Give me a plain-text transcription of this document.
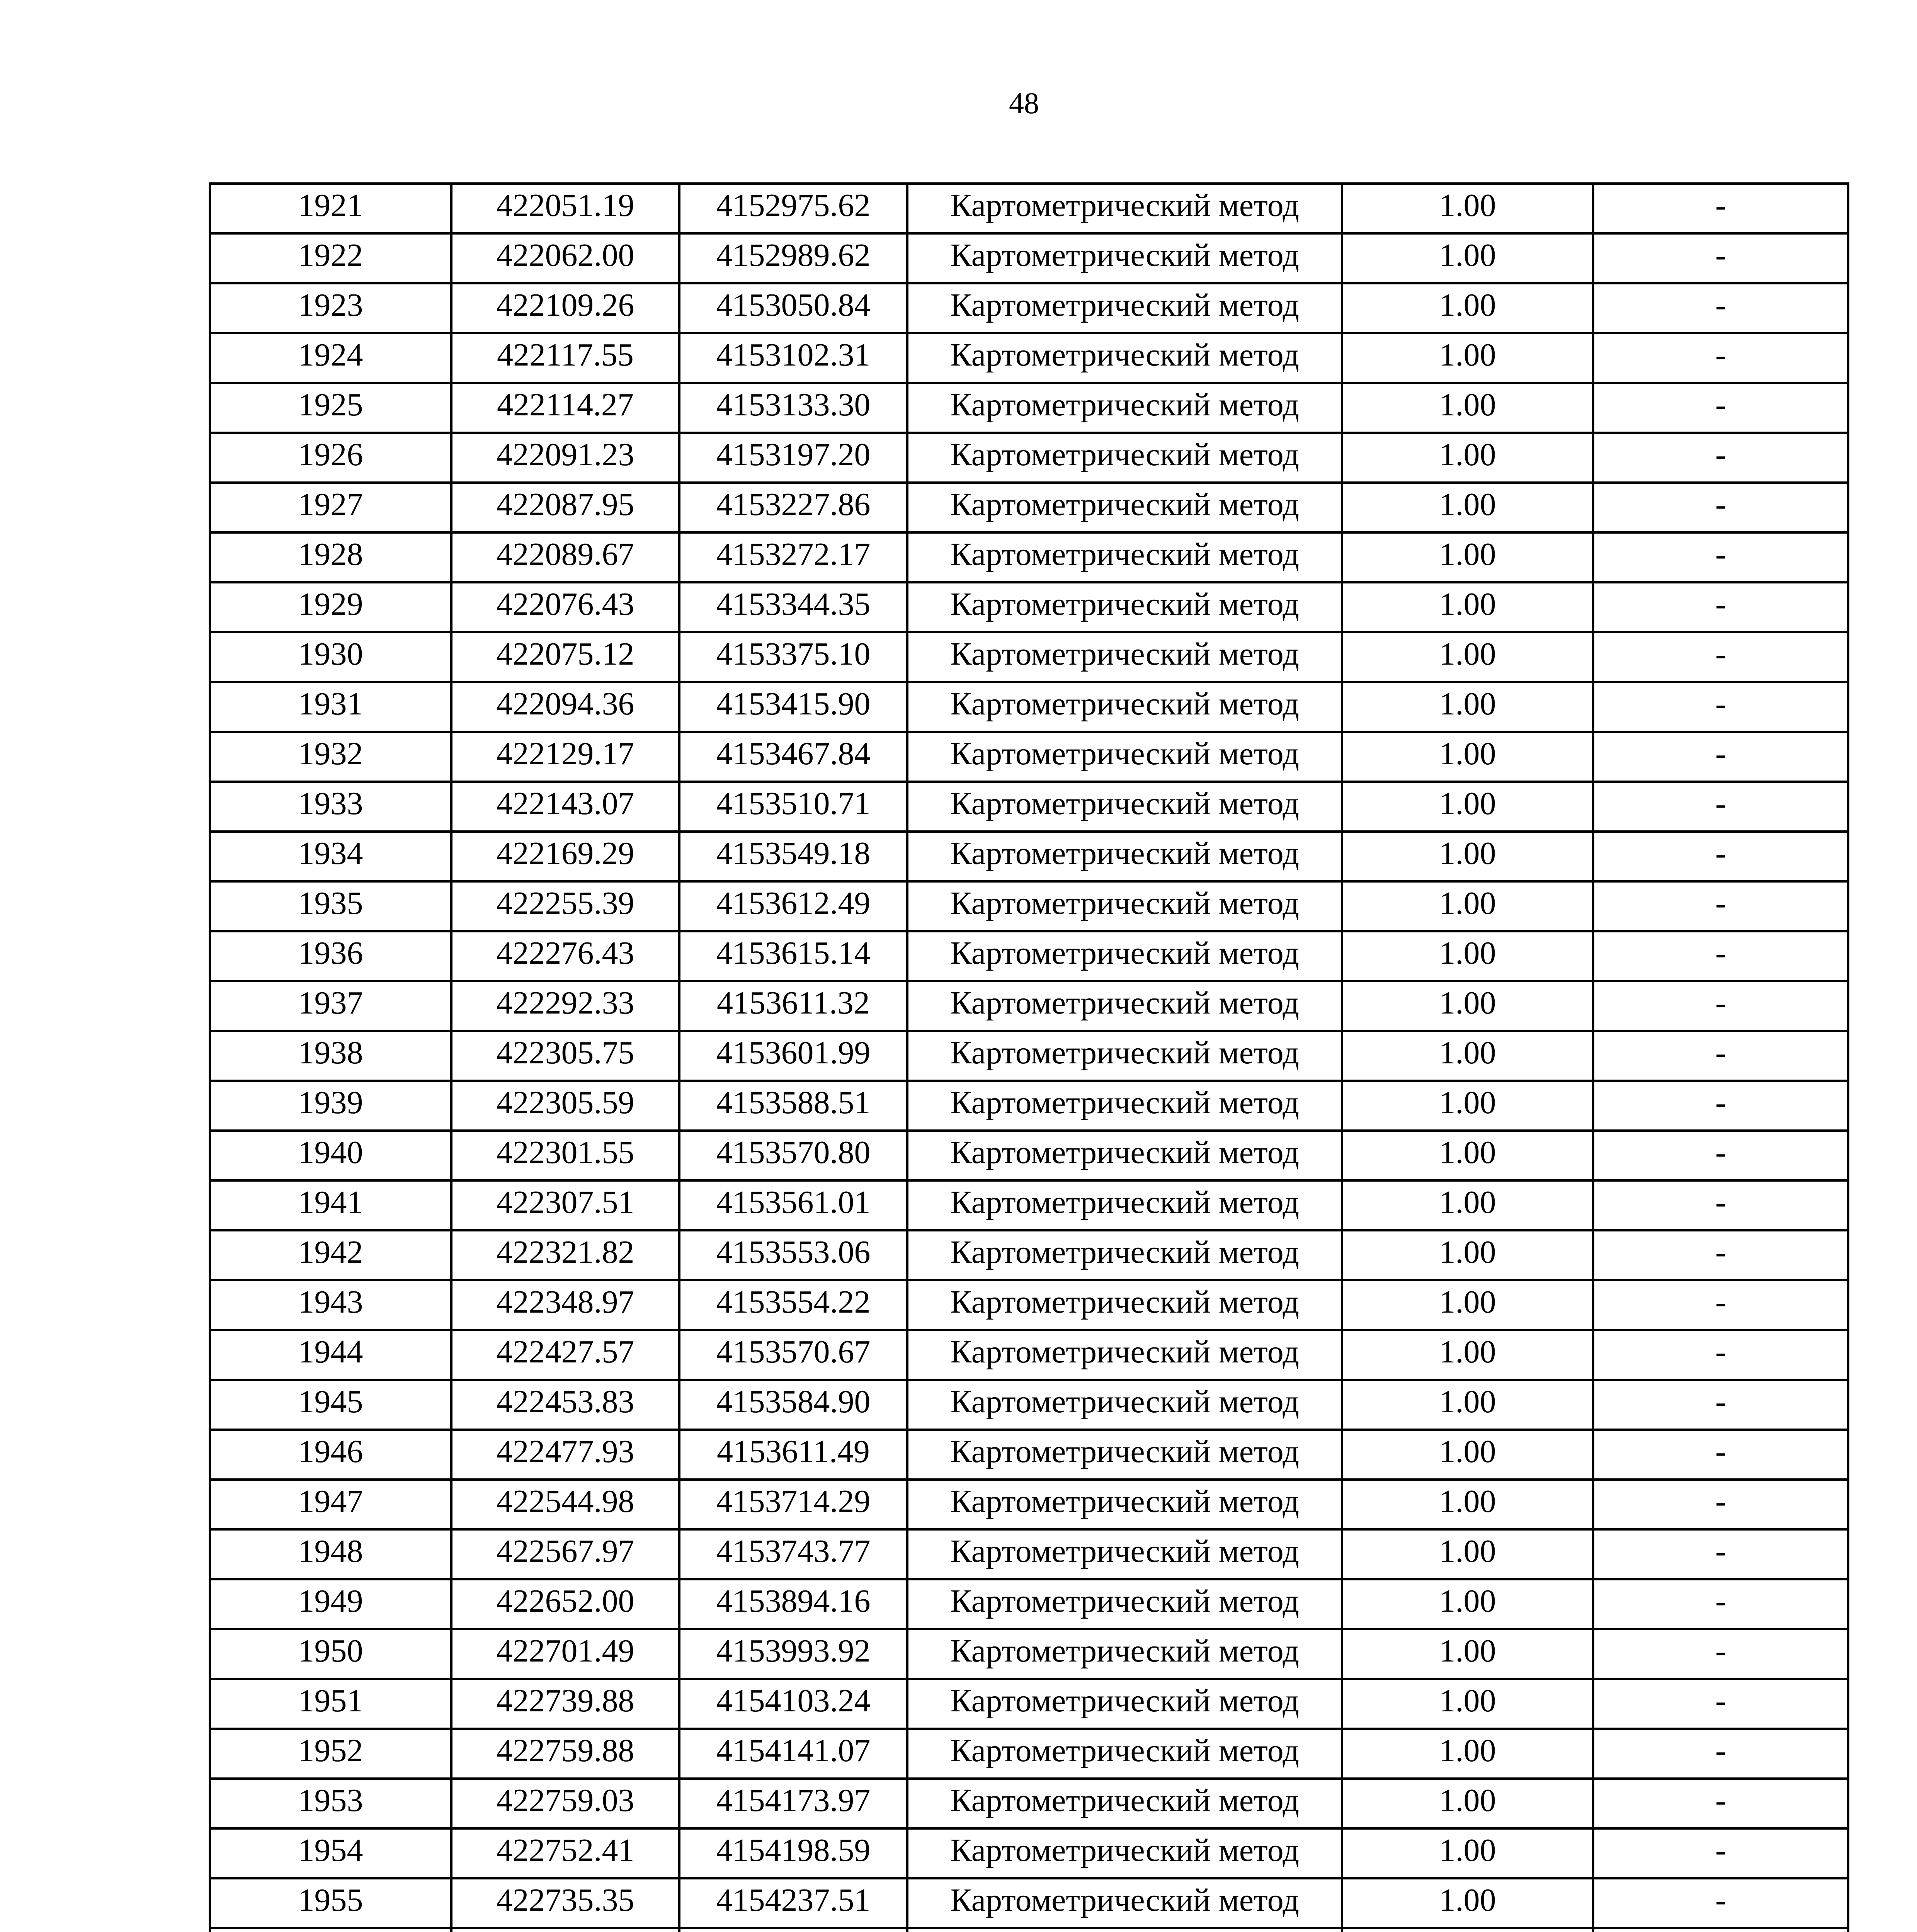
48
1921	422051.19	4152975.62	Картометрический метод	1.00	-
1922	422062.00	4152989.62	Картометрический метод	1.00	-
1923	422109.26	4153050.84	Картометрический метод	1.00	-
1924	422117.55	4153102.31	Картометрический метод	1.00	-
1925	422114.27	4153133.30	Картометрический метод	1.00	-
1926	422091.23	4153197.20	Картометрический метод	1.00	-
1927	422087.95	4153227.86	Картометрический метод	1.00	-
1928	422089.67	4153272.17	Картометрический метод	1.00	-
1929	422076.43	4153344.35	Картометрический метод	1.00	-
1930	422075.12	4153375.10	Картометрический метод	1.00	-
1931	422094.36	4153415.90	Картометрический метод	1.00	-
1932	422129.17	4153467.84	Картометрический метод	1.00	-
1933	422143.07	4153510.71	Картометрический метод	1.00	-
1934	422169.29	4153549.18	Картометрический метод	1.00	-
1935	422255.39	4153612.49	Картометрический метод	1.00	-
1936	422276.43	4153615.14	Картометрический метод	1.00	-
1937	422292.33	4153611.32	Картометрический метод	1.00	-
1938	422305.75	4153601.99	Картометрический метод	1.00	-
1939	422305.59	4153588.51	Картометрический метод	1.00	-
1940	422301.55	4153570.80	Картометрический метод	1.00	-
1941	422307.51	4153561.01	Картометрический метод	1.00	-
1942	422321.82	4153553.06	Картометрический метод	1.00	-
1943	422348.97	4153554.22	Картометрический метод	1.00	-
1944	422427.57	4153570.67	Картометрический метод	1.00	-
1945	422453.83	4153584.90	Картометрический метод	1.00	-
1946	422477.93	4153611.49	Картометрический метод	1.00	-
1947	422544.98	4153714.29	Картометрический метод	1.00	-
1948	422567.97	4153743.77	Картометрический метод	1.00	-
1949	422652.00	4153894.16	Картометрический метод	1.00	-
1950	422701.49	4153993.92	Картометрический метод	1.00	-
1951	422739.88	4154103.24	Картометрический метод	1.00	-
1952	422759.88	4154141.07	Картометрический метод	1.00	-
1953	422759.03	4154173.97	Картометрический метод	1.00	-
1954	422752.41	4154198.59	Картометрический метод	1.00	-
1955	422735.35	4154237.51	Картометрический метод	1.00	-
